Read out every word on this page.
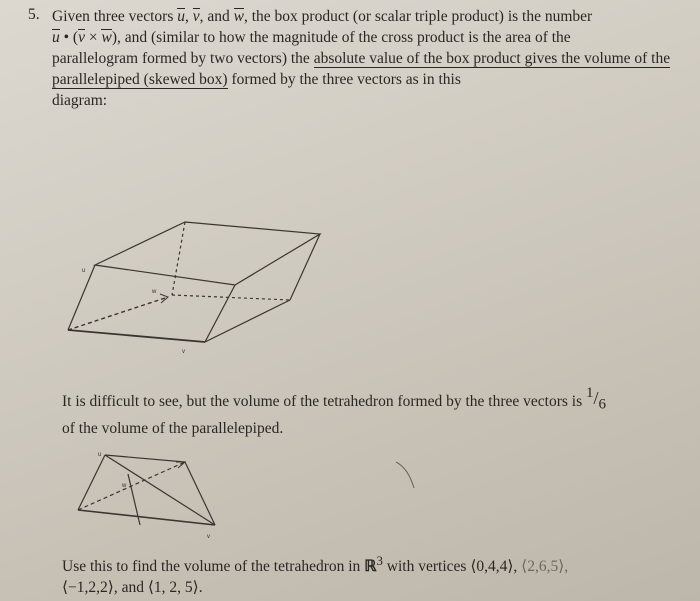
5. Given three vectors u, v, and w, the box product (or scalar triple product) is the number
u • (v × w), and (similar to how the magnitude of the cross product is the area of the
parallelogram formed by two vectors) the absolute value of the box product gives the volume of the parallelepiped (skewed box) formed by the three vectors as in this
diagram:
u
w
v
u
w
v
It is difficult to see, but the volume of the tetrahedron formed by the three vectors is $^1/_6$
of the volume of the parallelepiped.
Use this to find the volume of the tetrahedron in ℝ$^3$ with vertices ⟨0,4,4⟩, ⟨2,6,5⟩,
⟨−1,2,2⟩, and ⟨1, 2, 5⟩.
